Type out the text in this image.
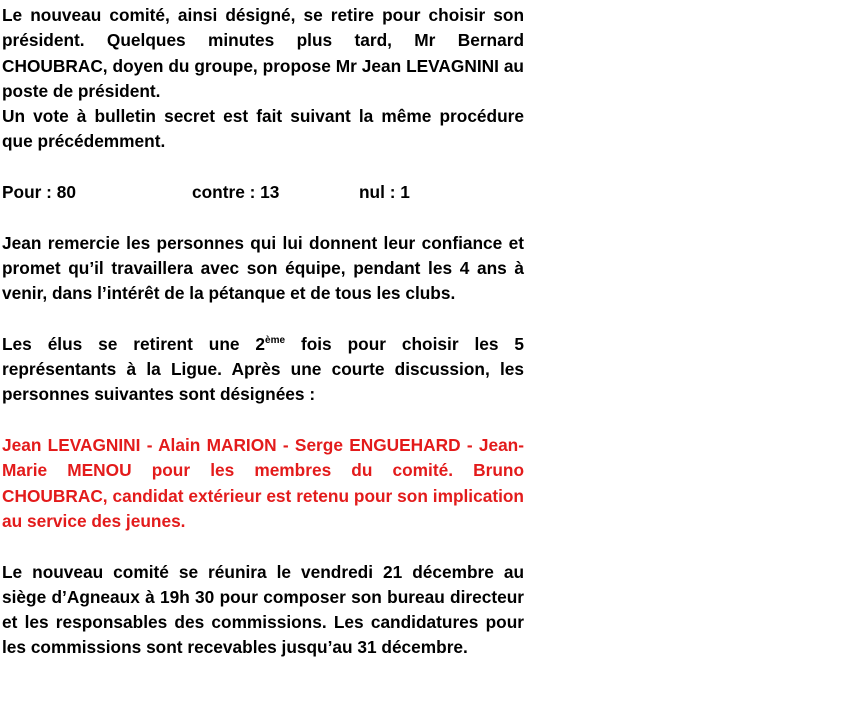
Le nouveau comité, ainsi désigné, se retire pour choisir son président. Quelques minutes plus tard, Mr Bernard CHOUBRAC, doyen du groupe, propose Mr Jean LEVAGNINI au poste de président.

Un vote à bulletin secret est fait suivant la même procédure que précédemment.

Pour : 80	contre : 13	nul : 1

Jean remercie les personnes qui lui donnent leur confiance et promet qu’il travaillera avec son équipe, pendant les 4 ans à venir, dans l’intérêt de la pétanque et de tous les clubs.

Les élus se retirent une 2ème fois pour choisir les 5 représentants à la Ligue. Après une courte discussion, les personnes suivantes sont désignées :

Jean LEVAGNINI - Alain MARION - Serge ENGUEHARD - Jean-Marie MENOU pour les membres du comité. Bruno CHOUBRAC, candidat extérieur est retenu pour son implication au service des jeunes.

Le nouveau comité se réunira le vendredi 21 décembre au siège d’Agneaux à 19h 30 pour composer son bureau directeur et les responsables des commissions. Les candidatures pour les commissions sont recevables jusqu’au 31 décembre.
